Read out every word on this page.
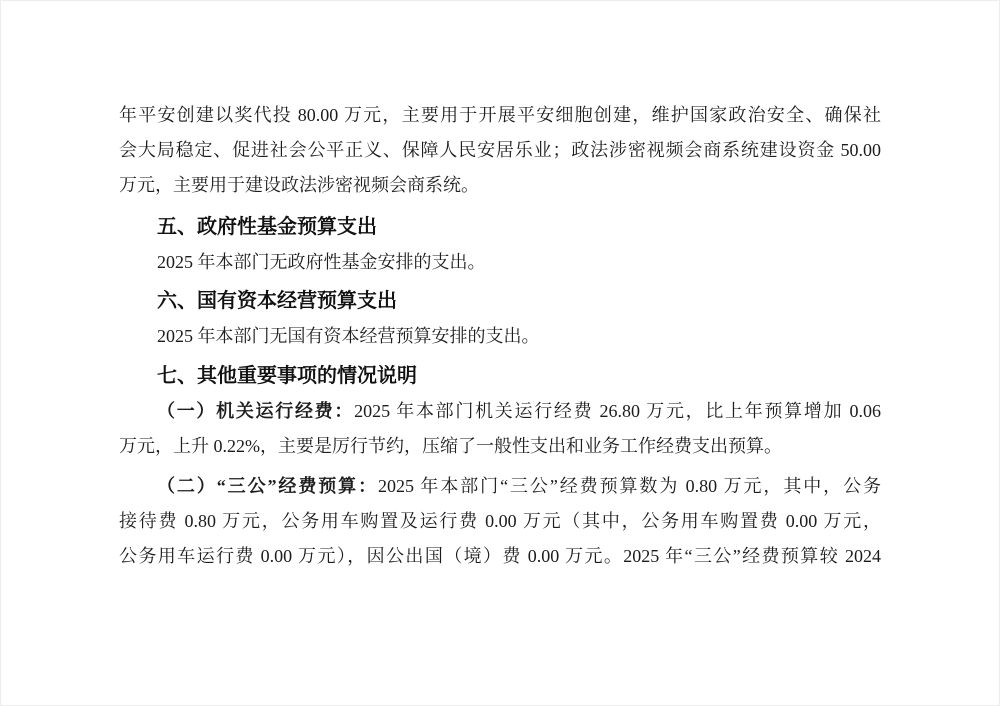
年平安创建以奖代投 80.00 万元，主要用于开展平安细胞创建，维护国家政治安全、确保社
会大局稳定、促进社会公平正义、保障人民安居乐业；政法涉密视频会商系统建设资金 50.00
万元，主要用于建设政法涉密视频会商系统。
五、政府性基金预算支出
2025 年本部门无政府性基金安排的支出。
六、国有资本经营预算支出
2025 年本部门无国有资本经营预算安排的支出。
七、其他重要事项的情况说明
（一）机关运行经费：2025 年本部门机关运行经费 26.80 万元，比上年预算增加 0.06
万元，上升 0.22%，主要是厉行节约，压缩了一般性支出和业务工作经费支出预算。
（二）“三公”经费预算：2025 年本部门“三公”经费预算数为 0.80 万元，其中，公务
接待费 0.80 万元，公务用车购置及运行费 0.00 万元（其中，公务用车购置费 0.00 万元，
公务用车运行费 0.00 万元），因公出国（境）费 0.00 万元。2025 年“三公”经费预算较 2024
